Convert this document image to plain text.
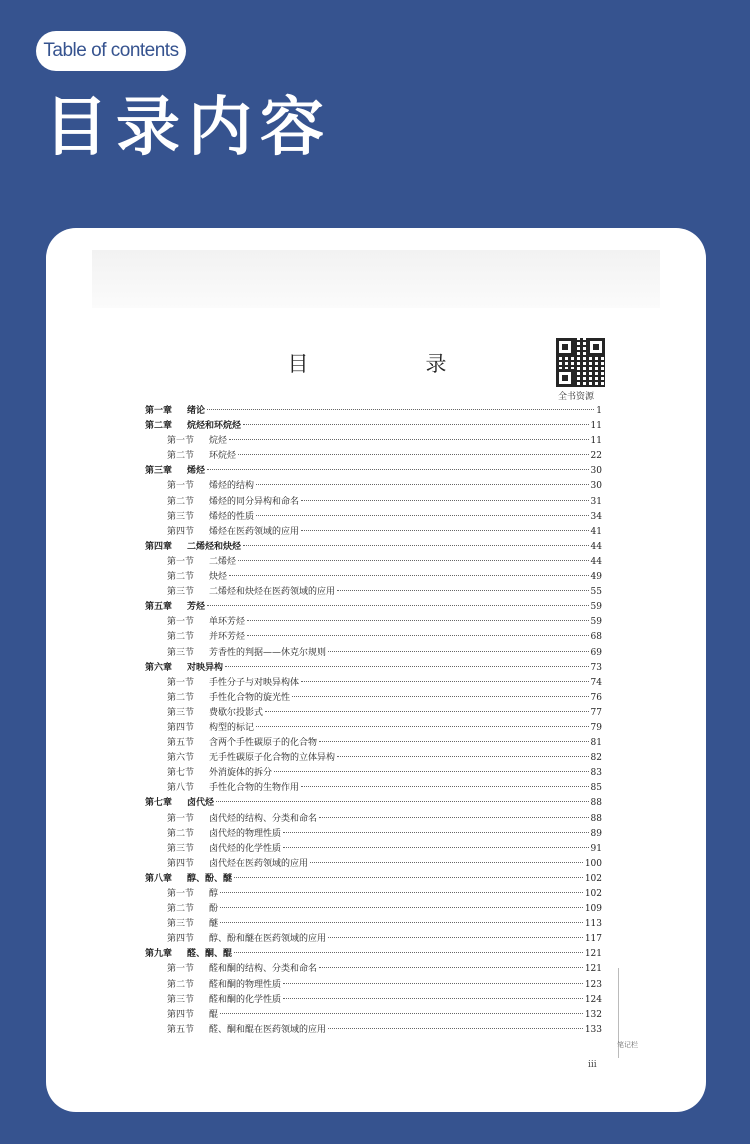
Table of contents
目录内容
目　录
全书资源
第一章	绪论	1
第二章	烷烃和环烷烃	11
第一节	烷烃	11
第二节	环烷烃	22
第三章	烯烃	30
第一节	烯烃的结构	30
第二节	烯烃的同分异构和命名	31
第三节	烯烃的性质	34
第四节	烯烃在医药领域的应用	41
第四章	二烯烃和炔烃	44
第一节	二烯烃	44
第二节	炔烃	49
第三节	二烯烃和炔烃在医药领域的应用	55
第五章	芳烃	59
第一节	单环芳烃	59
第二节	并环芳烃	68
第三节	芳香性的判据——休克尔规则	69
第六章	对映异构	73
第一节	手性分子与对映异构体	74
第二节	手性化合物的旋光性	76
第三节	费歇尔投影式	77
第四节	构型的标记	79
第五节	含两个手性碳原子的化合物	81
第六节	无手性碳原子化合物的立体异构	82
第七节	外消旋体的拆分	83
第八节	手性化合物的生物作用	85
第七章	卤代烃	88
第一节	卤代烃的结构、分类和命名	88
第二节	卤代烃的物理性质	89
第三节	卤代烃的化学性质	91
第四节	卤代烃在医药领域的应用	100
第八章	醇、酚、醚	102
第一节	醇	102
第二节	酚	109
第三节	醚	113
第四节	醇、酚和醚在医药领域的应用	117
第九章	醛、酮、醌	121
第一节	醛和酮的结构、分类和命名	121
第二节	醛和酮的物理性质	123
第三节	醛和酮的化学性质	124
第四节	醌	132
第五节	醛、酮和醌在医药领域的应用	133
笔记栏
iii
